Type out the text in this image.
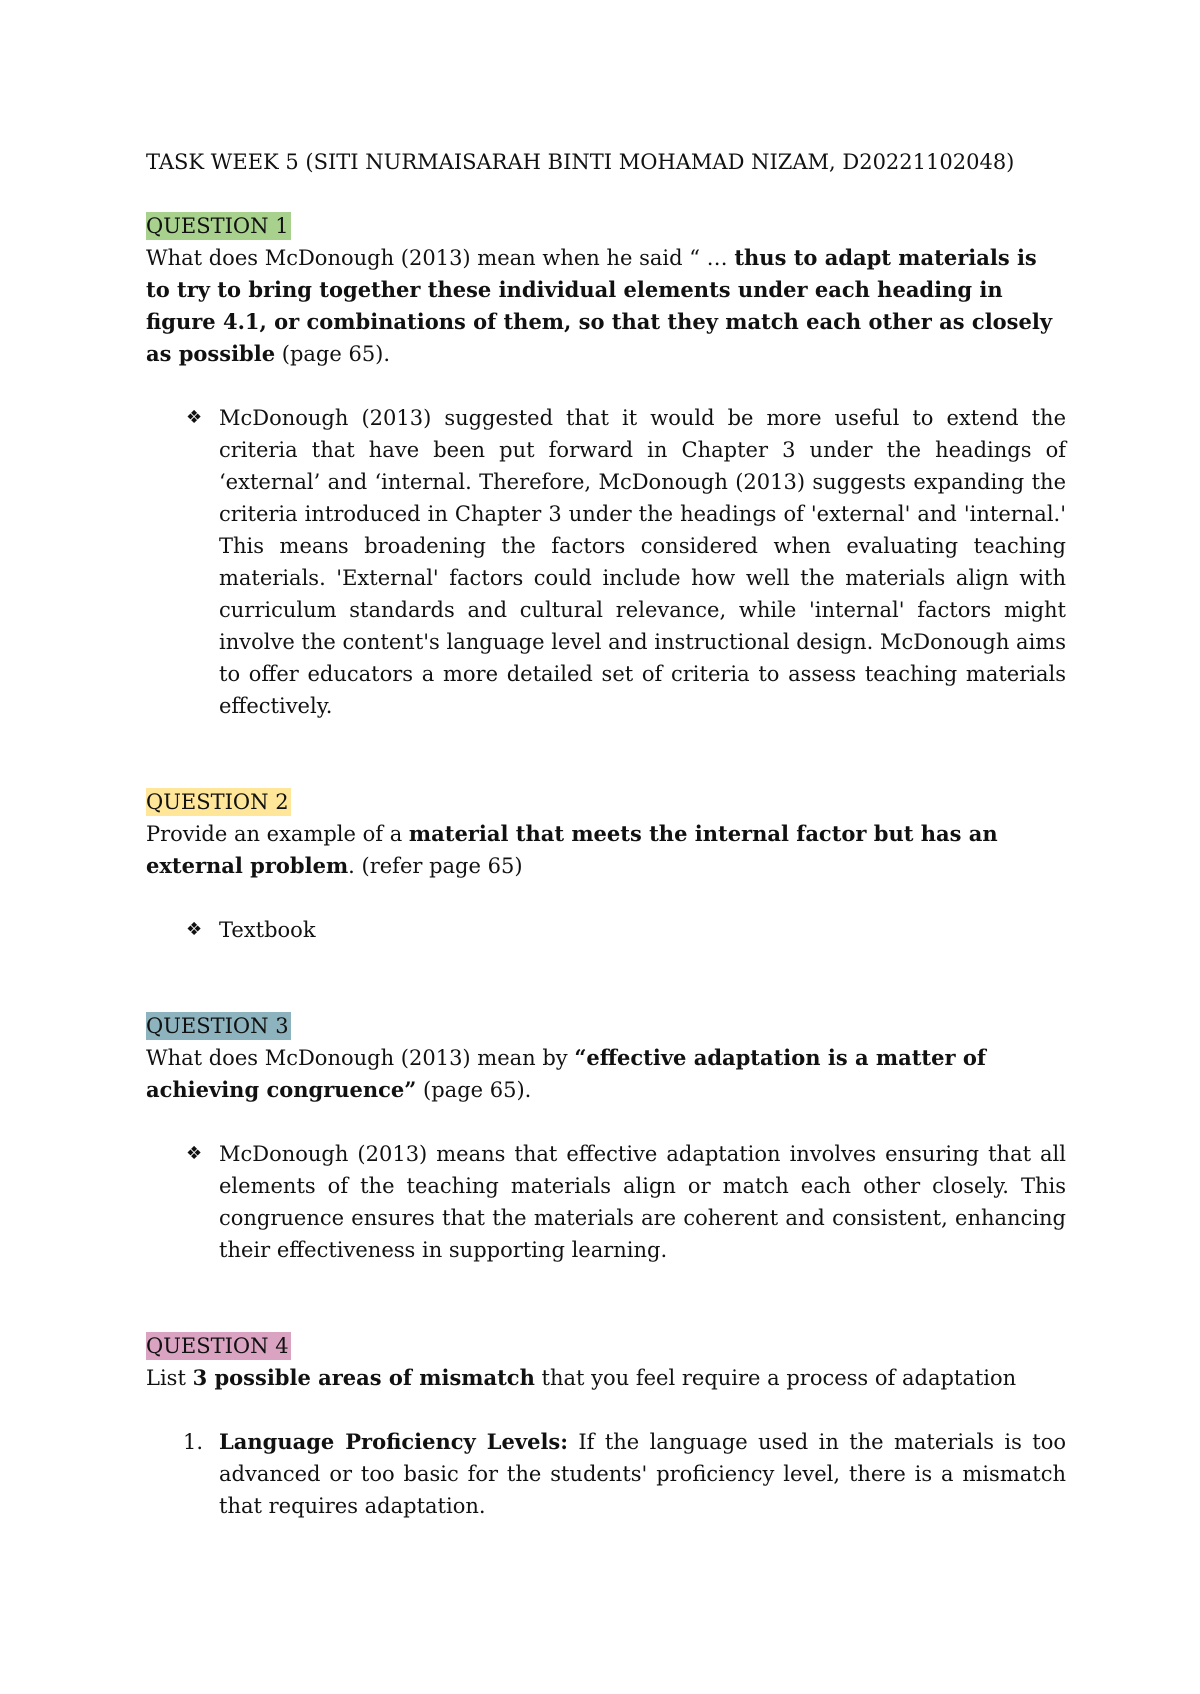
TASK WEEK 5 (SITI NURMAISARAH BINTI MOHAMAD NIZAM, D20221102048)

QUESTION 1

What does McDonough (2013) mean when he said “ … thus to adapt materials is to try to bring together these individual elements under each heading in figure 4.1, or combinations of them, so that they match each other as closely as possible (page 65).

❖ McDonough (2013) suggested that it would be more useful to extend the criteria that have been put forward in Chapter 3 under the headings of ‘external’ and ‘internal. Therefore, McDonough (2013) suggests expanding the criteria introduced in Chapter 3 under the headings of 'external' and 'internal.' This means broadening the factors considered when evaluating teaching materials. 'External' factors could include how well the materials align with curriculum standards and cultural relevance, while 'internal' factors might involve the content's language level and instructional design. McDonough aims to offer educators a more detailed set of criteria to assess teaching materials effectively.

QUESTION 2

Provide an example of a material that meets the internal factor but has an external problem. (refer page 65)

❖ Textbook

QUESTION 3

What does McDonough (2013) mean by “effective adaptation is a matter of achieving congruence” (page 65).

❖ McDonough (2013) means that effective adaptation involves ensuring that all elements of the teaching materials align or match each other closely. This congruence ensures that the materials are coherent and consistent, enhancing their effectiveness in supporting learning.

QUESTION 4

List 3 possible areas of mismatch that you feel require a process of adaptation

1. Language Proficiency Levels: If the language used in the materials is too advanced or too basic for the students' proficiency level, there is a mismatch that requires adaptation.
